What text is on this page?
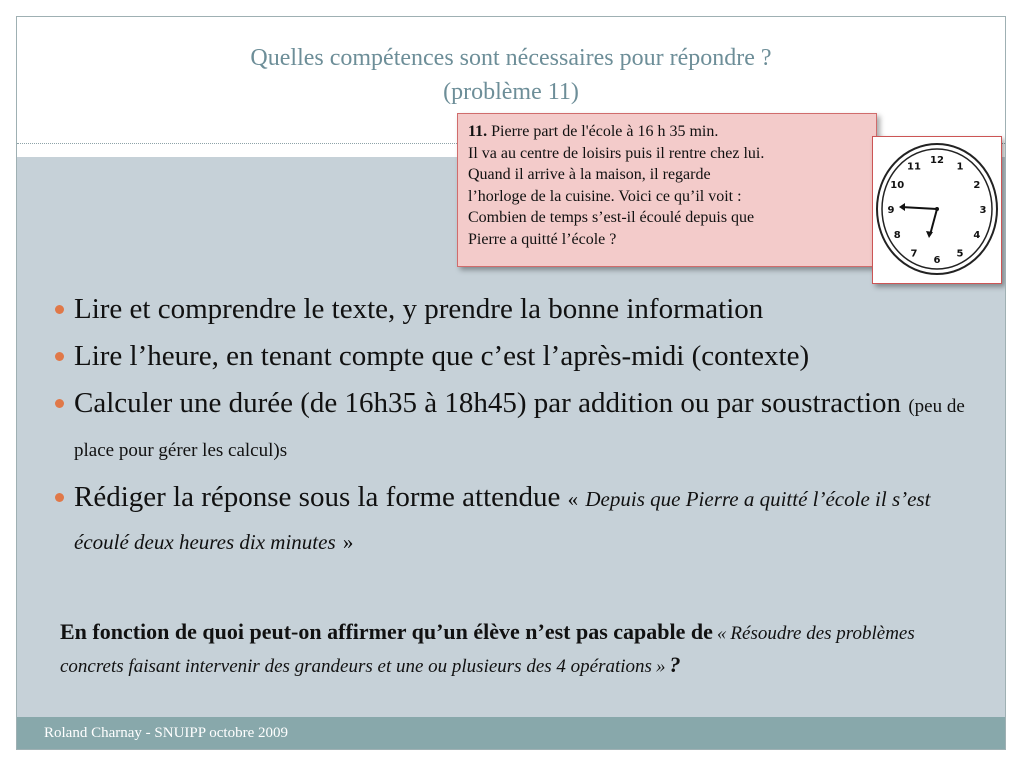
Quelles compétences sont nécessaires pour répondre ?
(problème 11)
11. Pierre part de l'école à 16 h 35 min.
Il va au centre de loisirs puis il rentre chez lui.
Quand il arrive à la maison, il regarde
l’horloge de la cuisine. Voici ce qu’il voit :
Combien de temps s’est-il écoulé depuis que
Pierre a quitté l’école ?
12
1
2
3
4
5
6
7
8
9
10
11
Lire et comprendre le texte, y prendre la bonne information
Lire l’heure, en tenant compte que c’est l’après-midi (contexte)
Calculer une durée (de 16h35 à 18h45) par addition ou par soustraction (peu de place pour gérer les calcul)s
Rédiger la réponse sous la forme attendue « Depuis que Pierre a quitté l’école il s’est écoulé deux heures dix minutes »
En fonction de quoi peut-on affirmer qu’un élève n’est pas capable de « Résoudre des problèmes concrets faisant intervenir des grandeurs et une ou plusieurs des 4 opérations » ?
Roland Charnay - SNUIPP octobre 2009
